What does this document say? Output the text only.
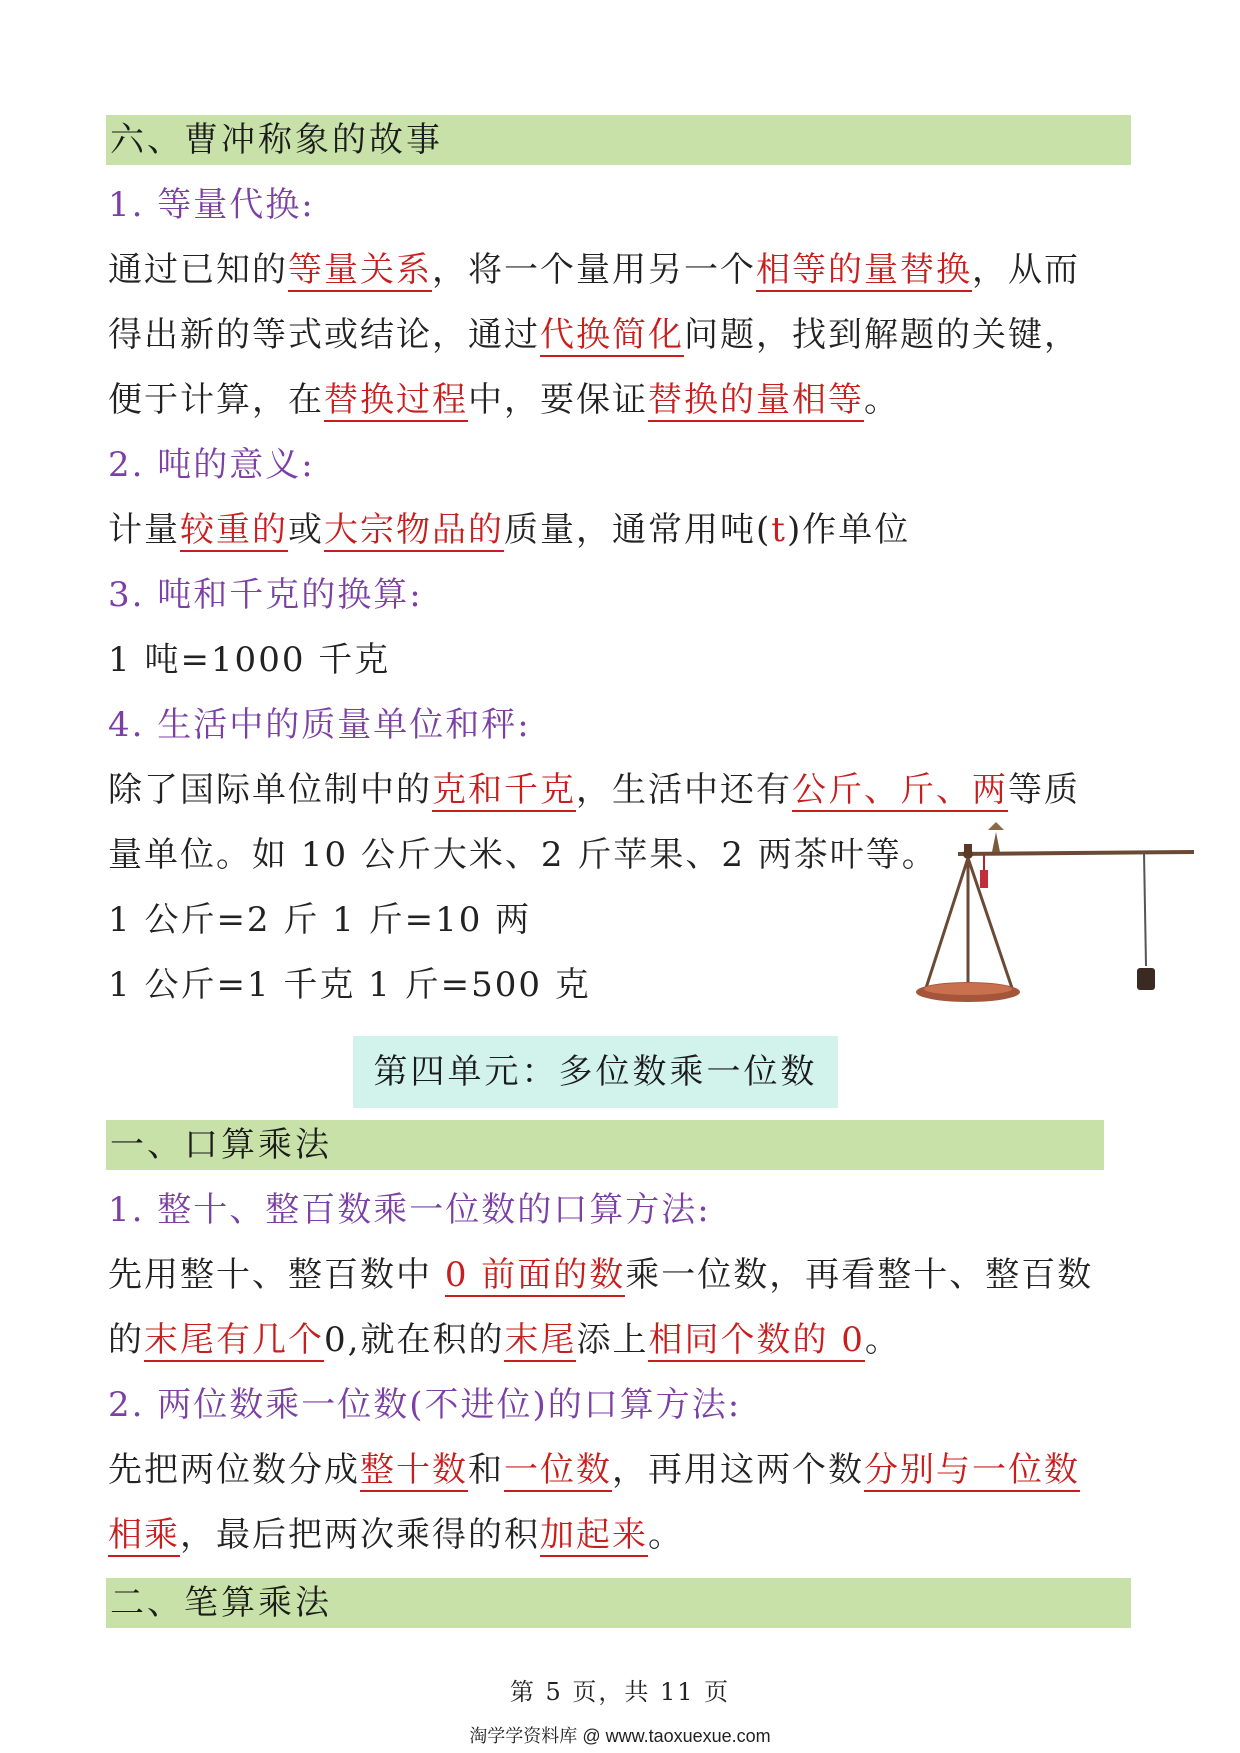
六、曹冲称象的故事
1. 等量代换:
通过已知的等量关系，将一个量用另一个相等的量替换，从而
得出新的等式或结论，通过代换简化问题，找到解题的关键，
便于计算，在替换过程中，要保证替换的量相等。
2. 吨的意义:
计量较重的或大宗物品的质量，通常用吨(t)作单位
3. 吨和千克的换算:
1 吨=1000 千克
4. 生活中的质量单位和秤:
除了国际单位制中的克和千克，生活中还有公斤、斤、两等质
量单位。如 10 公斤大米、2 斤苹果、2 两茶叶等。
1 公斤=2 斤 1 斤=10 两
1 公斤=1 千克 1 斤=500 克
第四单元：多位数乘一位数
一、口算乘法
1. 整十、整百数乘一位数的口算方法:
先用整十、整百数中 0 前面的数乘一位数，再看整十、整百数
的末尾有几个0,就在积的末尾添上相同个数的 0。
2. 两位数乘一位数(不进位)的口算方法:
先把两位数分成整十数和一位数，再用这两个数分别与一位数
相乘，最后把两次乘得的积加起来。
二、笔算乘法
第 5 页，共 11 页
淘学学资料库 @ www.taoxuexue.com
